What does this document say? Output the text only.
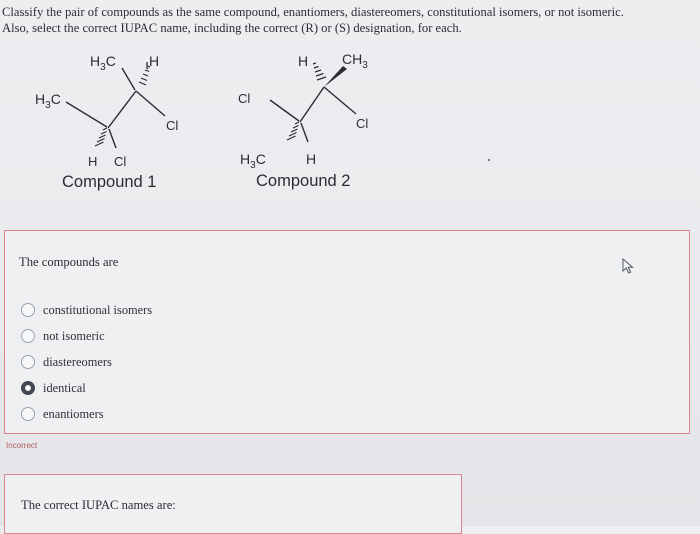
Classify the pair of compounds as the same compound, enantiomers, diastereomers, constitutional isomers, or not isomeric.

Also, select the correct IUPAC name, including the correct (R) or (S) designation, for each.

$H_3C$ H
$H_3C$
Cl
H Cl
Compound 1
H $CH_3$
Cl
Cl
$H_3C$	H
Compound 2
The compounds are
constitutional isomers
not isomeric
diastereomers
identical
enantiomers
Incorrect
The correct IUPAC names are:
